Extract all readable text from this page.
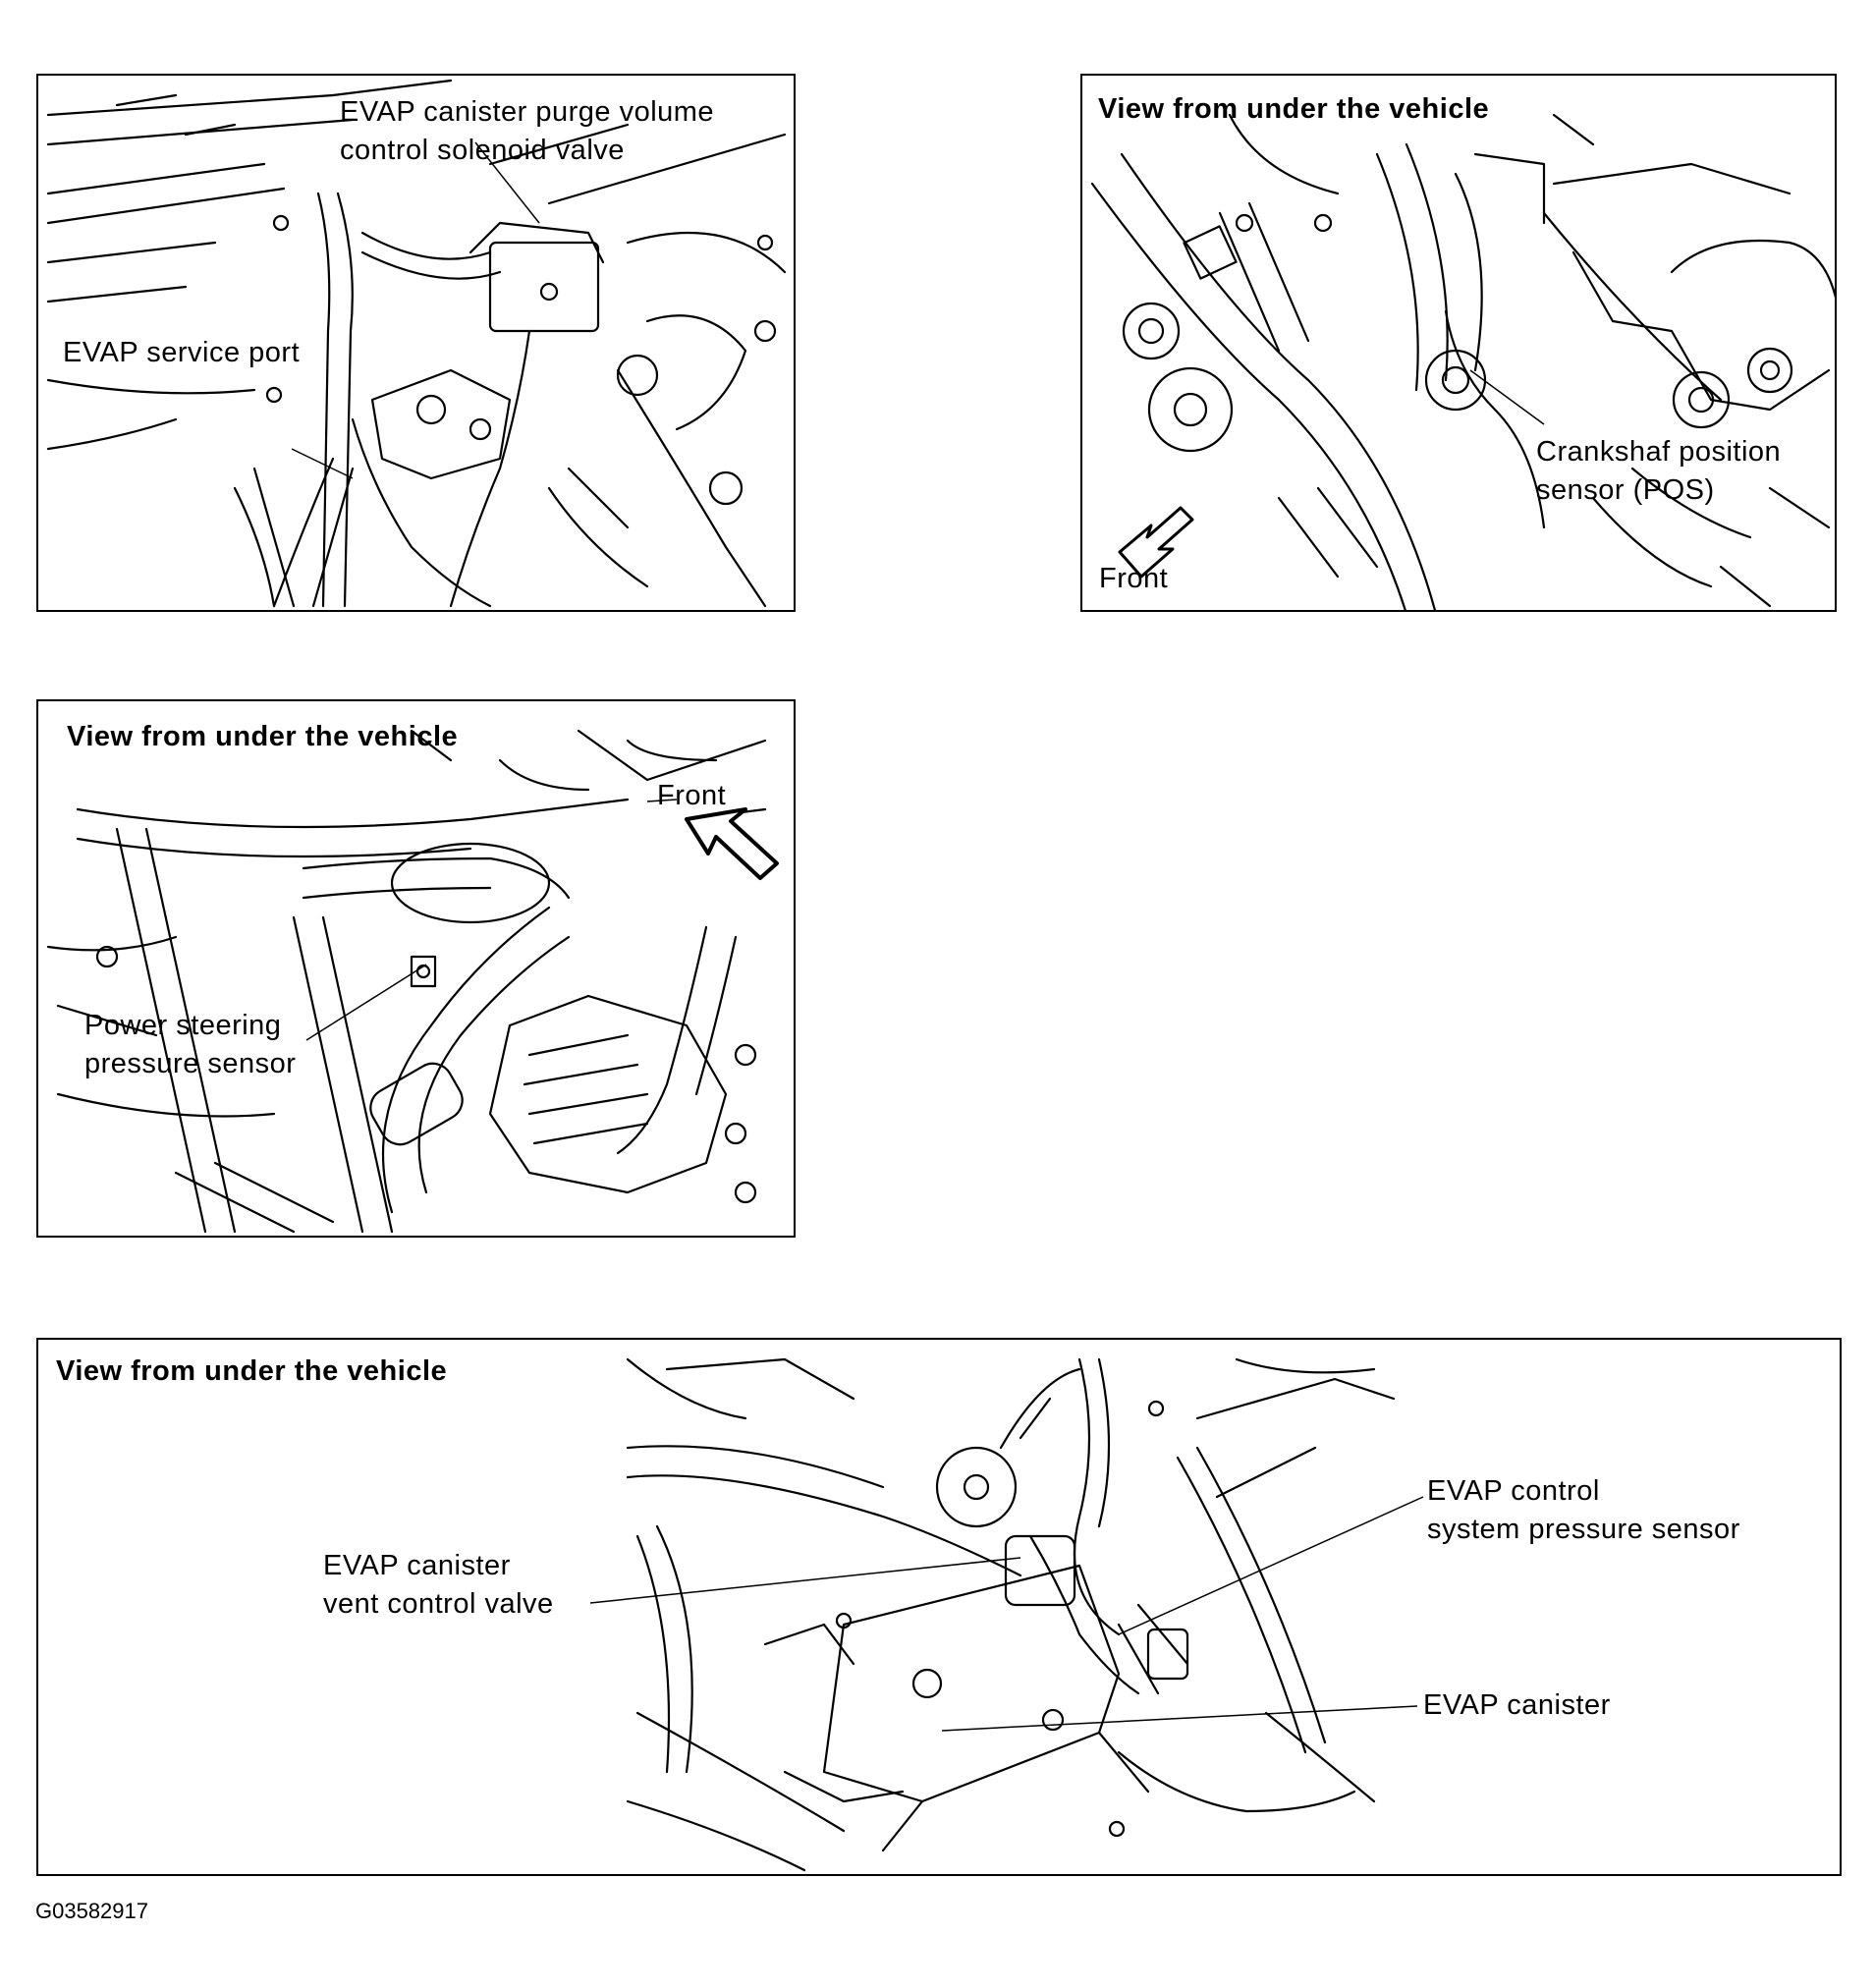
EVAP canister purge volume
control solenoid valve
EVAP service port
View from under the vehicle
Crankshaf position
sensor (POS)
Front
View from under the vehicle
Front
Power steering
pressure sensor
View from under the vehicle
EVAP canister
vent control valve
EVAP control
system pressure sensor
EVAP canister
G03582917
